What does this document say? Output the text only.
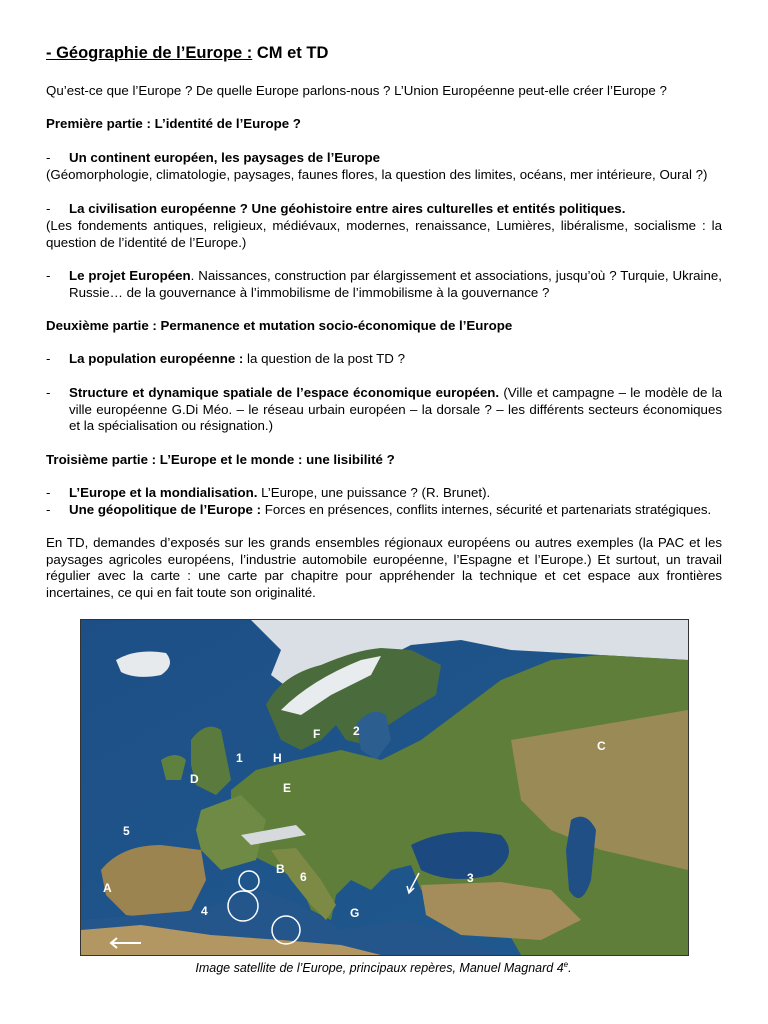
- Géographie de l’Europe : CM et TD
Qu’est-ce que l’Europe ? De quelle Europe parlons-nous ? L’Union Européenne peut-elle créer l’Europe ?
Première partie : L’identité de l’Europe ?
- Un continent européen, les paysages de l’Europe
(Géomorphologie, climatologie, paysages, faunes flores, la question des limites, océans, mer intérieure, Oural ?)
- La civilisation européenne ? Une géohistoire entre aires culturelles et entités politiques.
(Les fondements antiques, religieux, médiévaux, modernes, renaissance, Lumières, libéralisme, socialisme : la question de l’identité de l’Europe.)
- Le projet Européen. Naissances, construction par élargissement et associations, jusqu’où ? Turquie, Ukraine, Russie… de la gouvernance à l’immobilisme de l’immobilisme à la gouvernance ?
Deuxième partie : Permanence et mutation socio-économique de l’Europe
- La population européenne : la question de la post TD ?
- Structure et dynamique spatiale de l’espace économique européen. (Ville et campagne – le modèle de la ville européenne G.Di Méo. – le réseau urbain européen – la dorsale ? – les différents secteurs économiques et la spécialisation ou résignation.)
Troisième partie : L’Europe et le monde : une lisibilité ?
- L’Europe et la mondialisation. L’Europe, une puissance ? (R. Brunet).
- Une géopolitique de l’Europe : Forces en présences, conflits internes, sécurité et partenariats stratégiques.
En TD, demandes d’exposés sur les grands ensembles régionaux européens ou autres exemples (la PAC et les paysages agricoles européens, l’industrie automobile européenne, l’Espagne et l’Europe.) Et surtout, un travail régulier avec la carte : une carte par chapitre pour appréhender la technique et cet espace aux frontières incertaines, ce qui en fait toute son originalité.
1
2
3
4
5
6
A
B
C
D
E
F
G
H
Image satellite de l’Europe, principaux repères, Manuel Magnard 4e.
